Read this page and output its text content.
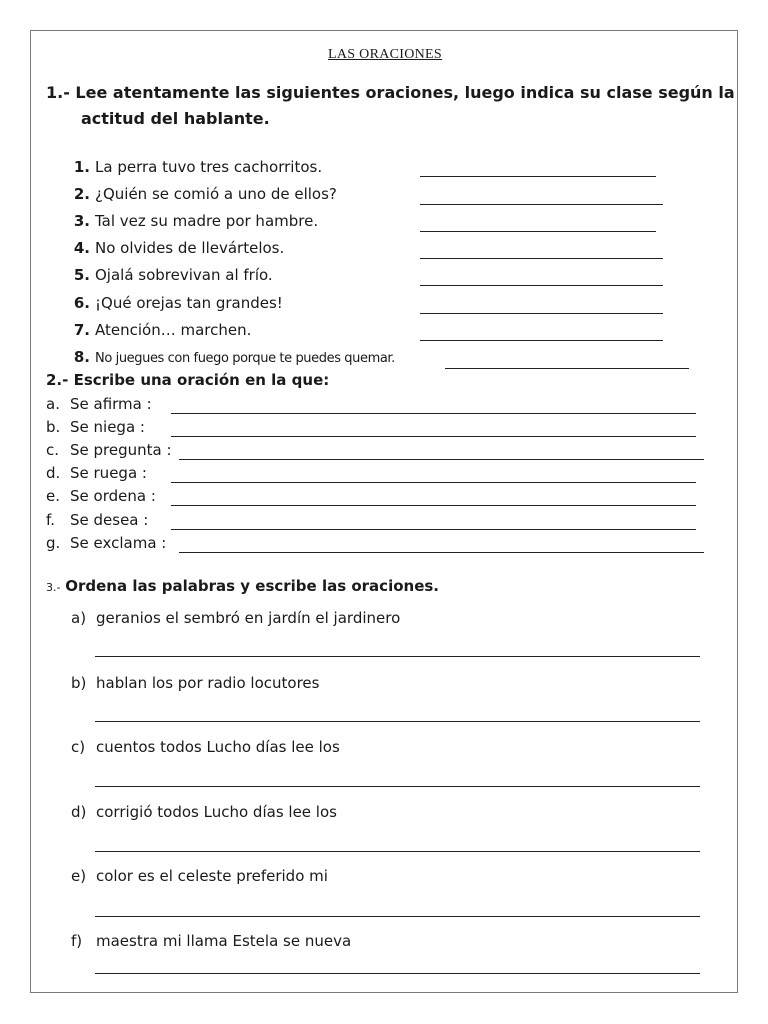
LAS ORACIONES
1.- Lee atentamente las siguientes oraciones, luego indica su clase según la
actitud del hablante.
1. La perra tuvo tres cachorritos.
2. ¿Quién se comió a uno de ellos?
3. Tal vez su madre por hambre.
4. No olvides de llevártelos.
5. Ojalá sobrevivan al frío.
6. ¡Qué orejas tan grandes!
7. Atención… marchen.
8. No juegues con fuego porque te puedes quemar.
2.- Escribe una oración en la que:
a. Se afirma :
b. Se niega :
c. Se pregunta :
d. Se ruega :
e. Se ordena :
f. Se desea :
g. Se exclama :
3.- Ordena las palabras y escribe las oraciones.
a) geranios el sembró en jardín el jardinero
b) hablan los por radio locutores
c) cuentos todos Lucho días lee los
d) corrigió todos Lucho días lee los
e) color es el celeste preferido mi
f) maestra mi llama Estela se nueva
